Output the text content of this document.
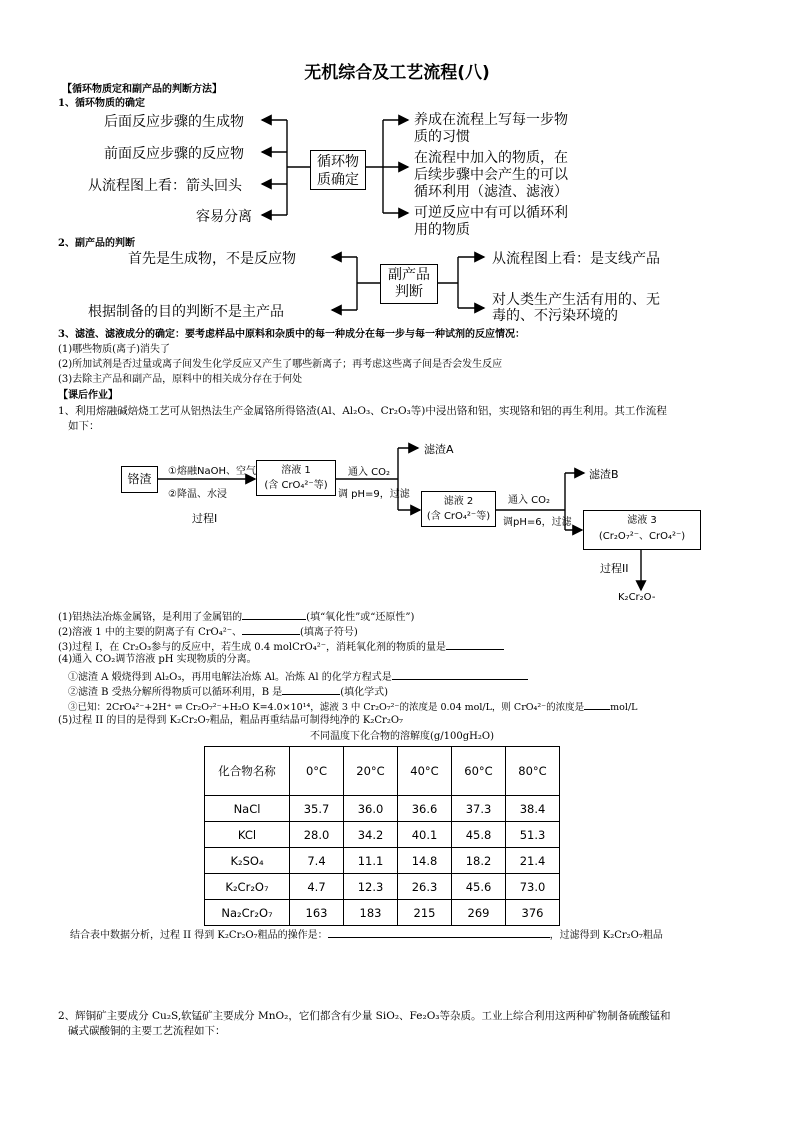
无机综合及工艺流程(八)
【循环物质定和副产品的判断方法】
1、循环物质的确定
循环物
质确定
后面反应步骤的生成物
前面反应步骤的反应物
从流程图上看：箭头回头
容易分离
养成在流程上写每一步物
质的习惯
在流程中加入的物质，在
后续步骤中会产生的可以
循环利用（滤渣、滤液）
可逆反应中有可以循环利
用的物质
2、副产品的判断
副产品
判断
首先是生成物，不是反应物
根据制备的目的判断不是主产品
从流程图上看：是支线产品
对人类生产生活有用的、无
毒的、不污染环境的
3、滤渣、滤液成分的确定：要考虑样品中原料和杂质中的每一种成分在每一步与每一种试剂的反应情况：
(1)哪些物质(离子)消失了
(2)所加试剂是否过量或离子间发生化学反应又产生了哪些新离子；再考虑这些离子间是否会发生反应
(3)去除主产品和副产品，原料中的相关成分存在于何处
【课后作业】
1、利用熔融碱焙烧工艺可从铝热法生产金属铬所得铬渣(Al、Al₂O₃、Cr₂O₃等)中浸出铬和铝，实现铬和铝的再生利用。其工作流程
如下：
铬渣
①熔融NaOH、空气
②降温、水浸
过程I
溶液 1
(含 CrO₄²⁻等)
通入 CO₂
调 pH=9，过滤
滤渣A
滤液 2
(含 CrO₄²⁻等)
通入 CO₂
调pH=6，过滤
滤渣B
滤液 3
(Cr₂O₇²⁻、CrO₄²⁻)
过程II
K₂Cr₂O-
(1)铝热法冶炼金属铬，是利用了金属铝的	(填“氧化性”或“还原性”)
(2)溶液 1 中的主要的阴离子有 CrO₄²⁻、	(填离子符号)
(3)过程 I，在 Cr₂O₃参与的反应中，若生成 0.4 molCrO₄²⁻，消耗氧化剂的物质的量是
(4)通入 CO₂调节溶液 pH 实现物质的分离。
①滤渣 A 煅烧得到 Al₂O₃，再用电解法冶炼 Al。冶炼 Al 的化学方程式是
②滤渣 B 受热分解所得物质可以循环利用，B 是	(填化学式)
③已知：2CrO₄²⁻+2H⁺ ⇌ Cr₂O₇²⁻+H₂O K=4.0×10¹⁴，滤液 3 中 Cr₂O₇²⁻的浓度是 0.04 mol/L，则 CrO₄²⁻的浓度是	mol/L
(5)过程 II 的目的是得到 K₂Cr₂O₇粗品，粗品再重结晶可制得纯净的 K₂Cr₂O₇
不同温度下化合物的溶解度(g/100gH₂O)
化合物名称	0°C	20°C	40°C	60°C	80°C
NaCl	35.7	36.0	36.6	37.3	38.4
KCl	28.0	34.2	40.1	45.8	51.3
K₂SO₄	7.4	11.1	14.8	18.2	21.4
K₂Cr₂O₇	4.7	12.3	26.3	45.6	73.0
Na₂Cr₂O₇	163	183	215	269	376
结合表中数据分析，过程 II 得到 K₂Cr₂O₇粗品的操作是：	，过滤得到 K₂Cr₂O₇粗品
2、辉铜矿主要成分 Cu₂S,软锰矿主要成分 MnO₂，它们都含有少量 SiO₂、Fe₂O₃等杂质。工业上综合利用这两种矿物制备硫酸锰和
碱式碳酸铜的主要工艺流程如下：
